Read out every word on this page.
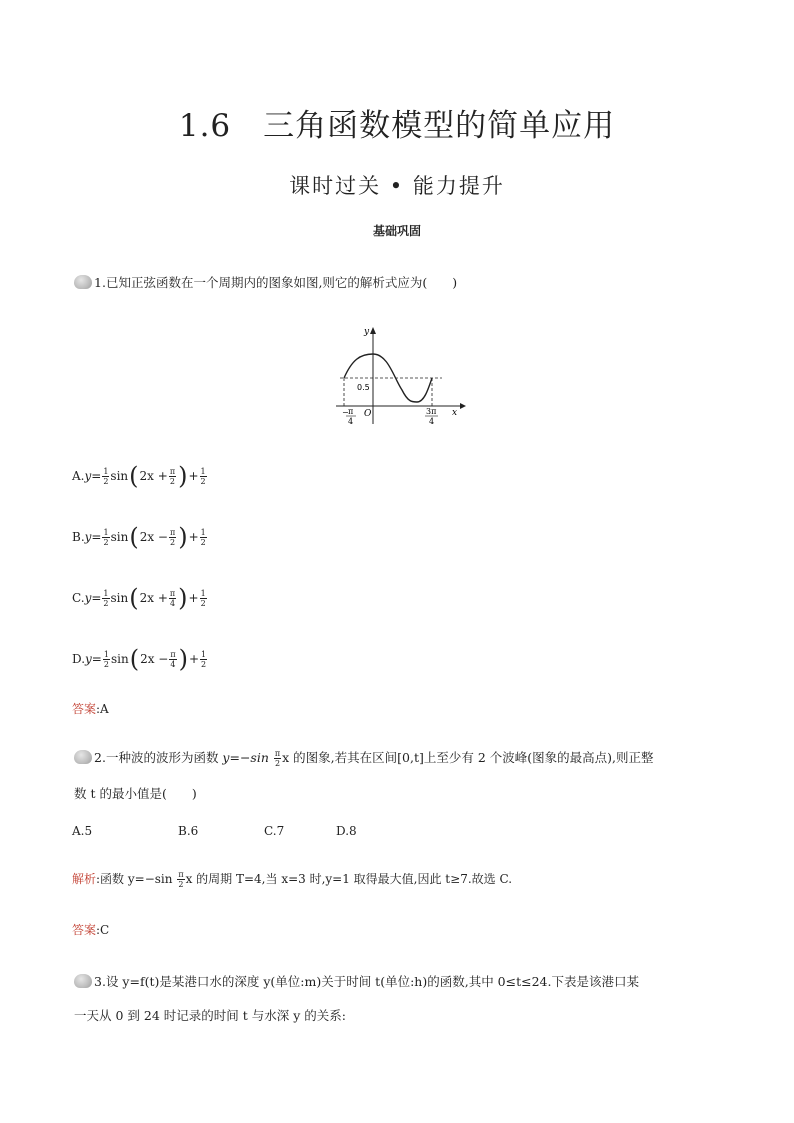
1.6　三角函数模型的简单应用
课时过关 • 能力提升
基础巩固
1.已知正弦函数在一个周期内的图象如图,则它的解析式应为(　　)
y
x
O
0.5
− π
4
3π
4
A. $y= \frac{1}{2}$ sin ( $2x + \frac{\pi}{2}$ ) + $\frac{1}{2}$
B. $y= \frac{1}{2}$ sin ( $2x - \frac{\pi}{2}$ ) + $\frac{1}{2}$
C. $y= \frac{1}{2}$ sin ( $2x + \frac{\pi}{4}$ ) + $\frac{1}{2}$
D. $y= \frac{1}{2}$ sin ( $2x - \frac{\pi}{4}$ ) + $\frac{1}{2}$
答案:A
2.一种波的波形为函数 $y=-\sin \frac{\pi}{2}$ x 的图象,若其在区间[0,t]上至少有 2 个波峰(图象的最高点),则正整
数 t 的最小值是(　　)
A.5	B.6	C.7	D.8
解析:函数 $y=-\sin \frac{\pi}{2}$ x 的周期 T=4,当 x=3 时,y=1 取得最大值,因此 t≥7.故选 C.
答案:C
3.设 y=f(t)是某港口水的深度 y(单位:m)关于时间 t(单位:h)的函数,其中 0≤t≤24.下表是该港口某
一天从 0 到 24 时记录的时间 t 与水深 y 的关系:
